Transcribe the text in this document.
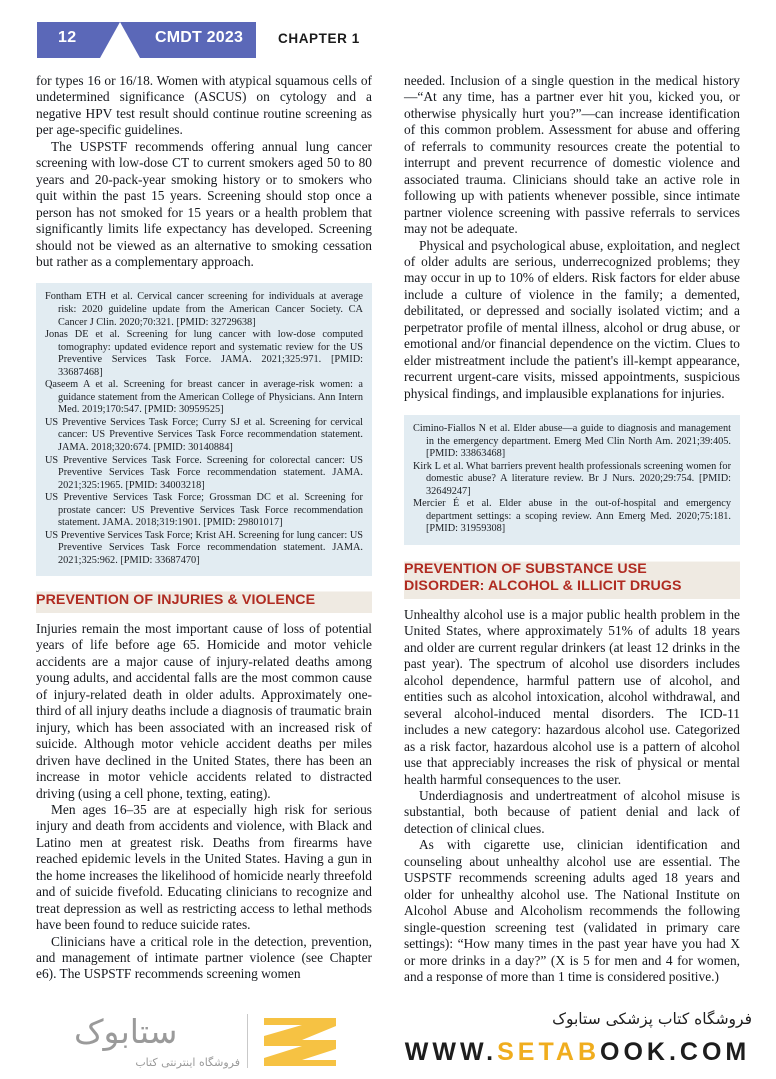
12	CMDT 2023	CHAPTER 1

for types 16 or 16/18. Women with atypical squamous cells of undetermined significance (ASCUS) on cytology and a negative HPV test result should continue routine screening as per age-specific guidelines.

The USPSTF recommends offering annual lung cancer screening with low-dose CT to current smokers aged 50 to 80 years and 20-pack-year smoking history or to smokers who quit within the past 15 years. Screening should stop once a person has not smoked for 15 years or a health problem that significantly limits life expectancy has developed. Screening should not be viewed as an alternative to smoking cessation but rather as a complementary approach.

Fontham ETH et al. Cervical cancer screening for individuals at average risk: 2020 guideline update from the American Cancer Society. CA Cancer J Clin. 2020;70:321. [PMID: 32729638]

Jonas DE et al. Screening for lung cancer with low-dose computed tomography: updated evidence report and systematic review for the US Preventive Services Task Force. JAMA. 2021;325:971. [PMID: 33687468]

Qaseem A et al. Screening for breast cancer in average-risk women: a guidance statement from the American College of Physicians. Ann Intern Med. 2019;170:547. [PMID: 30959525]

US Preventive Services Task Force; Curry SJ et al. Screening for cervical cancer: US Preventive Services Task Force recommendation statement. JAMA. 2018;320:674. [PMID: 30140884]

US Preventive Services Task Force. Screening for colorectal cancer: US Preventive Services Task Force recommendation statement. JAMA. 2021;325:1965. [PMID: 34003218]

US Preventive Services Task Force; Grossman DC et al. Screening for prostate cancer: US Preventive Services Task Force recommendation statement. JAMA. 2018;319:1901. [PMID: 29801017]

US Preventive Services Task Force; Krist AH. Screening for lung cancer: US Preventive Services Task Force recommendation statement. JAMA. 2021;325:962. [PMID: 33687470]

PREVENTION OF INJURIES & VIOLENCE

Injuries remain the most important cause of loss of potential years of life before age 65. Homicide and motor vehicle accidents are a major cause of injury-related deaths among young adults, and accidental falls are the most common cause of injury-related death in older adults. Approximately one-third of all injury deaths include a diagnosis of traumatic brain injury, which has been associated with an increased risk of suicide. Although motor vehicle accident deaths per miles driven have declined in the United States, there has been an increase in motor vehicle accidents related to distracted driving (using a cell phone, texting, eating).

Men ages 16–35 are at especially high risk for serious injury and death from accidents and violence, with Black and Latino men at greatest risk. Deaths from firearms have reached epidemic levels in the United States. Having a gun in the home increases the likelihood of homicide nearly threefold and of suicide fivefold. Educating clinicians to recognize and treat depression as well as restricting access to lethal methods have been found to reduce suicide rates.

Clinicians have a critical role in the detection, prevention, and management of intimate partner violence (see Chapter e6). The USPSTF recommends screening women

needed. Inclusion of a single question in the medical history—“At any time, has a partner ever hit you, kicked you, or otherwise physically hurt you?”—can increase identification of this common problem. Assessment for abuse and offering of referrals to community resources create the potential to interrupt and prevent recurrence of domestic violence and associated trauma. Clinicians should take an active role in following up with patients whenever possible, since intimate partner violence screening with passive referrals to services may not be adequate.

Physical and psychological abuse, exploitation, and neglect of older adults are serious, underrecognized problems; they may occur in up to 10% of elders. Risk factors for elder abuse include a culture of violence in the family; a demented, debilitated, or depressed and socially isolated victim; and a perpetrator profile of mental illness, alcohol or drug abuse, or emotional and/or financial dependence on the victim. Clues to elder mistreatment include the patient's ill-kempt appearance, recurrent urgent-care visits, missed appointments, suspicious physical findings, and implausible explanations for injuries.

Cimino-Fiallos N et al. Elder abuse—a guide to diagnosis and management in the emergency department. Emerg Med Clin North Am. 2021;39:405. [PMID: 33863468]

Kirk L et al. What barriers prevent health professionals screening women for domestic abuse? A literature review. Br J Nurs. 2020;29:754. [PMID: 32649247]

Mercier É et al. Elder abuse in the out-of-hospital and emergency department settings: a scoping review. Ann Emerg Med. 2020;75:181. [PMID: 31959308]

PREVENTION OF SUBSTANCE USE
DISORDER: ALCOHOL & ILLICIT DRUGS

Unhealthy alcohol use is a major public health problem in the United States, where approximately 51% of adults 18 years and older are current regular drinkers (at least 12 drinks in the past year). The spectrum of alcohol use disorders includes alcohol dependence, harmful pattern use of alcohol, and entities such as alcohol intoxication, alcohol withdrawal, and several alcohol-induced mental disorders. The ICD-11 includes a new category: hazardous alcohol use. Categorized as a risk factor, hazardous alcohol use is a pattern of alcohol use that appreciably increases the risk of physical or mental health harmful consequences to the user.

Underdiagnosis and undertreatment of alcohol misuse is substantial, both because of patient denial and lack of detection of clinical clues.

As with cigarette use, clinician identification and counseling about unhealthy alcohol use are essential. The USPSTF recommends screening adults aged 18 years and older for unhealthy alcohol use. The National Institute on Alcohol Abuse and Alcoholism recommends the following single-question screening test (validated in primary care settings): “How many times in the past year have you had X or more drinks in a day?” (X is 5 for men and 4 for women, and a response of more than 1 time is considered positive.)

ستابوک
فروشگاه اینترنتی کتاب
فروشگاه کتاب پزشکی ستابوک
WWW.SETABOOK.COM
